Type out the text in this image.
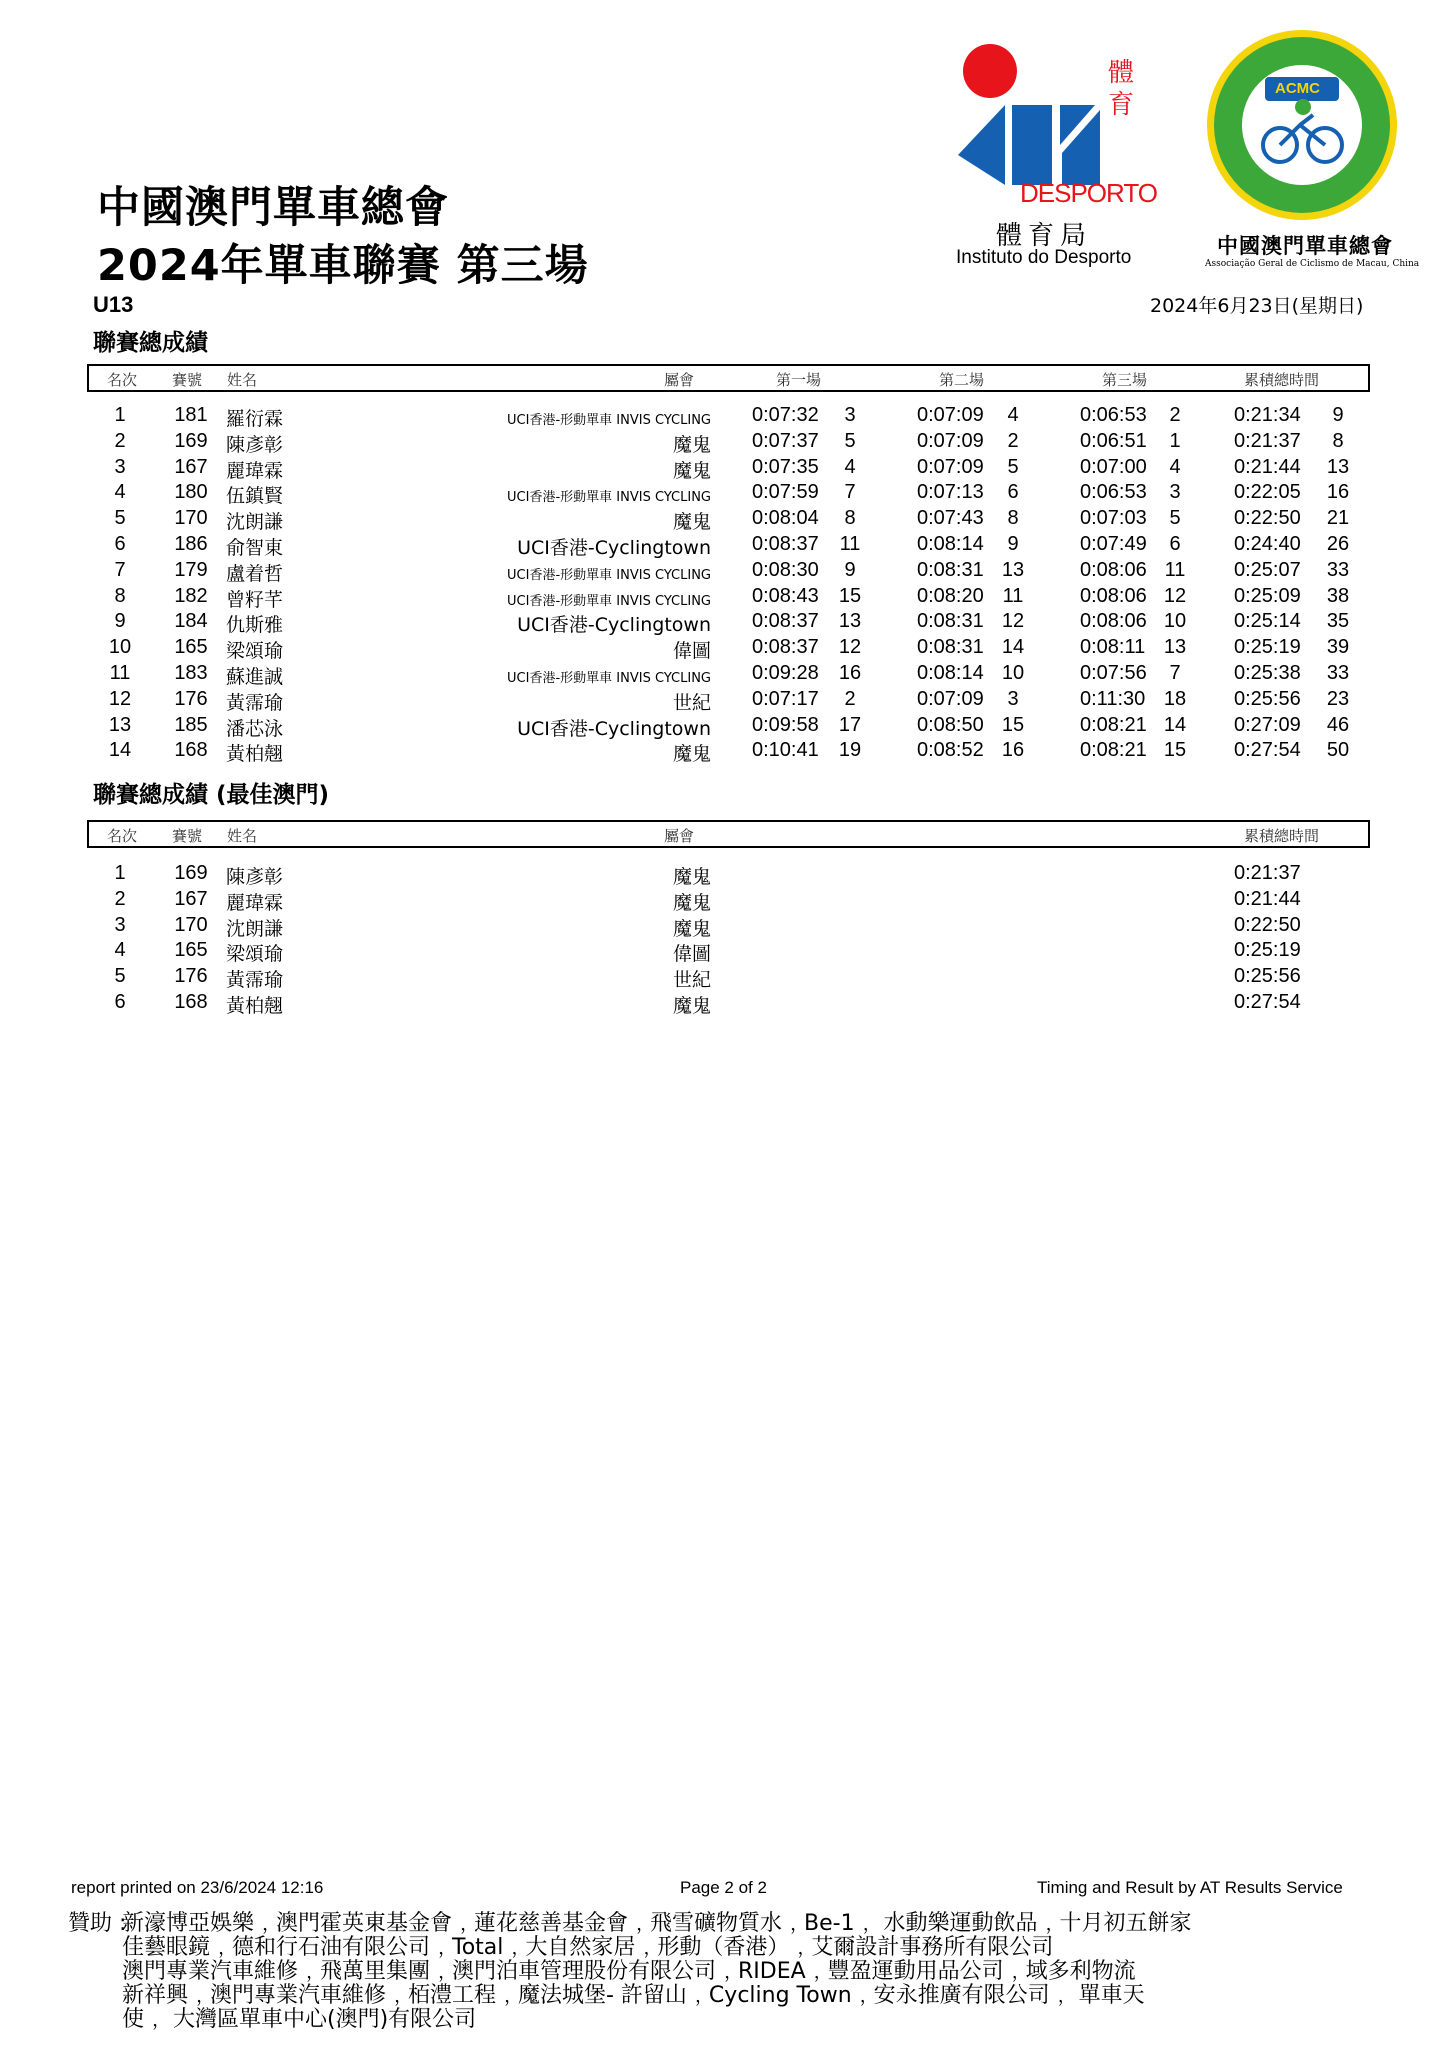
體育
DESPORTO
體育局
Instituto do Desporto
ACMC
中國澳門單車總會
Associação Geral de Ciclismo de Macau, China
中國澳門單車總會
2024年單車聯賽 第三場
U13	2024年6月23日(星期日)
聯賽總成績
名次 賽號 姓名	屬會	第一場	第二場	第三場	累積總時間
1	181 羅衍霖	UCI香港-形動單車 INVIS CYCLING 0:07:32	3	0:07:09	4	0:06:53	2	0:21:34	9
2	169 陳彥彰	魔鬼 0:07:37	5	0:07:09	2	0:06:51	1	0:21:37	8
3	167 麗瑋霖	魔鬼 0:07:35	4	0:07:09	5	0:07:00	4	0:21:44	13
4	180 伍鎮賢	UCI香港-形動單車 INVIS CYCLING 0:07:59	7	0:07:13	6	0:06:53	3	0:22:05	16
5	170 沈朗謙	魔鬼 0:08:04	8	0:07:43	8	0:07:03	5	0:22:50	21
6	186 俞智東	UCI香港-Cyclingtown 0:08:37 11	0:08:14	9	0:07:49	6	0:24:40	26
7	179 盧着哲	UCI香港-形動單車 INVIS CYCLING 0:08:30	9	0:08:31 13	0:08:06 11 0:25:07	33
8	182 曾籽芊	UCI香港-形動單車 INVIS CYCLING 0:08:43 15	0:08:20 11	0:08:06 12 0:25:09	38
9	184 仇斯雅	UCI香港-Cyclingtown 0:08:37 13	0:08:31 12	0:08:06 10 0:25:14	35
10	165 梁頌瑜	偉圖 0:08:37 12	0:08:31 14	0:08:11 13 0:25:19	39
11	183 蘇進誠	UCI香港-形動單車 INVIS CYCLING 0:09:28 16	0:08:14 10	0:07:56	7	0:25:38	33
12	176 黃霈瑜	世紀 0:07:17	2	0:07:09	3	0:11:30 18 0:25:56	23
13	185 潘芯泳	UCI香港-Cyclingtown 0:09:58 17	0:08:50 15	0:08:21 14 0:27:09	46
14	168 黃柏翹	魔鬼 0:10:41 19	0:08:52 16	0:08:21 15 0:27:54	50
聯賽總成績 (最佳澳門)
名次 賽號 姓名	屬會	累積總時間
1	169 陳彥彰	魔鬼	0:21:37
2	167 麗瑋霖	魔鬼	0:21:44
3	170 沈朗謙	魔鬼	0:22:50
4	165 梁頌瑜	偉圖	0:25:19
5	176 黃霈瑜	世紀	0:25:56
6	168 黃柏翹	魔鬼	0:27:54
report printed on 23/6/2024 12:16	Page 2 of 2	Timing and Result by AT Results Service
贊助 :
新濠博亞娛樂﹐澳門霍英東基金會﹐蓮花慈善基金會﹐飛雪礦物質水﹐Be-1﹐ 水動樂運動飲品﹐十月初五餅家
佳藝眼鏡﹐德和行石油有限公司﹐Total﹐大自然家居﹐形動（香港）﹐艾爾設計事務所有限公司
澳門專業汽車維修﹐飛萬里集團﹐澳門泊車管理股份有限公司﹐RIDEA﹐豐盈運動用品公司﹐域多利物流
新祥興﹐澳門專業汽車維修﹐栢澧工程﹐魔法城堡- 許留山﹐Cycling Town﹐安永推廣有限公司﹐ 單車天
使﹐ 大灣區單車中心(澳門)有限公司
